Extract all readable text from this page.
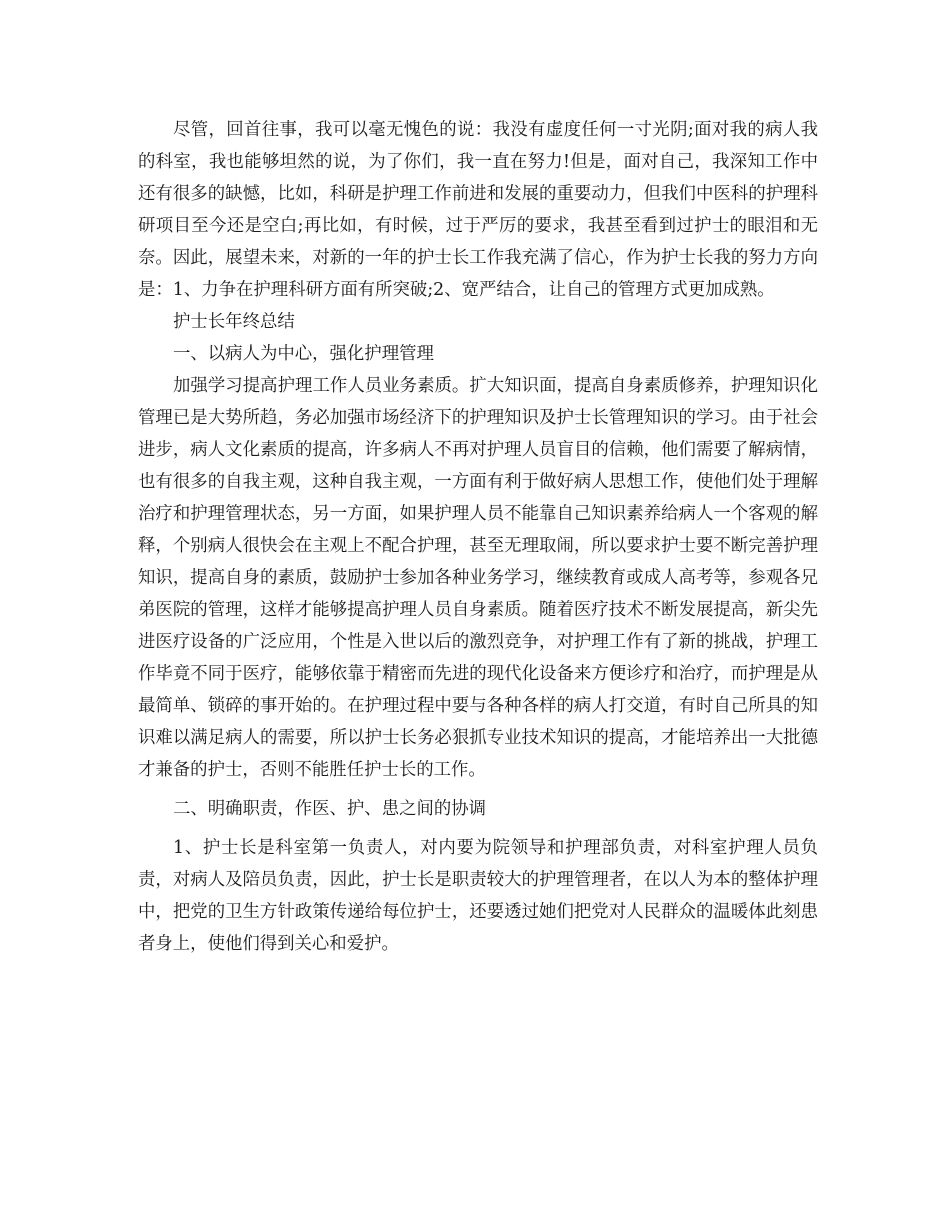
尽管，回首往事，我可以毫无愧色的说：我没有虚度任何一寸光阴;面对我的病人我的科室，我也能够坦然的说，为了你们，我一直在努力!但是，面对自己，我深知工作中还有很多的缺憾，比如，科研是护理工作前进和发展的重要动力，但我们中医科的护理科研项目至今还是空白;再比如，有时候，过于严厉的要求，我甚至看到过护士的眼泪和无奈。因此，展望未来，对新的一年的护士长工作我充满了信心，作为护士长我的努力方向是：1、力争在护理科研方面有所突破;2、宽严结合，让自己的管理方式更加成熟。

护士长年终总结

一、以病人为中心，强化护理管理

加强学习提高护理工作人员业务素质。扩大知识面，提高自身素质修养，护理知识化管理已是大势所趋，务必加强市场经济下的护理知识及护士长管理知识的学习。由于社会进步，病人文化素质的提高，许多病人不再对护理人员盲目的信赖，他们需要了解病情，也有很多的自我主观，这种自我主观，一方面有利于做好病人思想工作，使他们处于理解治疗和护理管理状态，另一方面，如果护理人员不能靠自己知识素养给病人一个客观的解释，个别病人很快会在主观上不配合护理，甚至无理取闹，所以要求护士要不断完善护理知识，提高自身的素质，鼓励护士参加各种业务学习，继续教育或成人高考等，参观各兄弟医院的管理，这样才能够提高护理人员自身素质。随着医疗技术不断发展提高，新尖先进医疗设备的广泛应用，个性是入世以后的激烈竞争，对护理工作有了新的挑战，护理工作毕竟不同于医疗，能够依靠于精密而先进的现代化设备来方便诊疗和治疗，而护理是从最简单、锁碎的事开始的。在护理过程中要与各种各样的病人打交道，有时自己所具的知识难以满足病人的需要，所以护士长务必狠抓专业技术知识的提高，才能培养出一大批德才兼备的护士，否则不能胜任护士长的工作。

二、明确职责，作医、护、患之间的协调

1、护士长是科室第一负责人，对内要为院领导和护理部负责，对科室护理人员负责，对病人及陪员负责，因此，护士长是职责较大的护理管理者，在以人为本的整体护理中，把党的卫生方针政策传递给每位护士，还要透过她们把党对人民群众的温暖体此刻患者身上，使他们得到关心和爱护。
